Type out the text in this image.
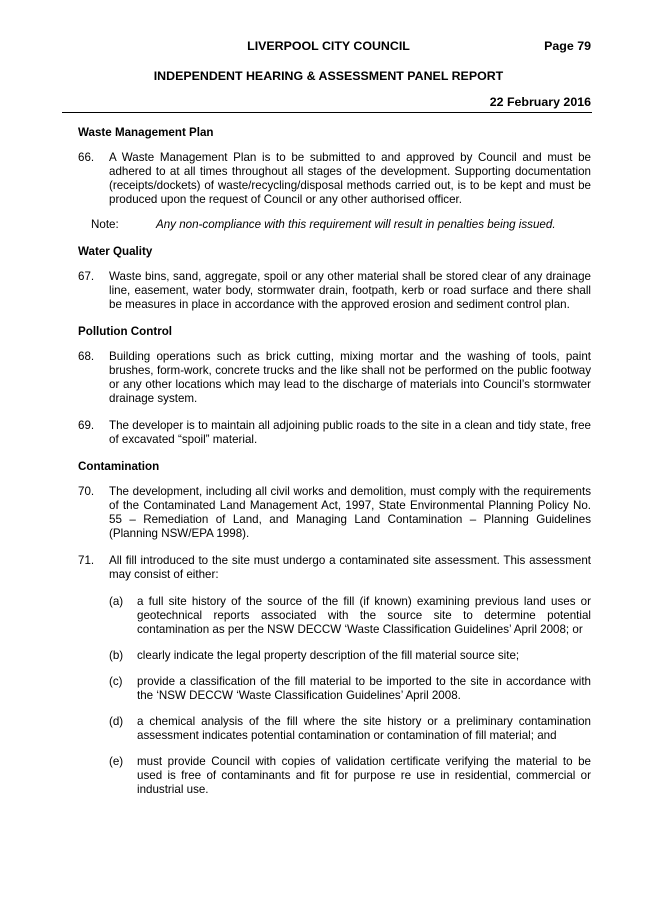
LIVERPOOL CITY COUNCIL	Page 79
INDEPENDENT HEARING & ASSESSMENT PANEL REPORT
22 February 2016
Waste Management Plan
66.	A Waste Management Plan is to be submitted to and approved by Council and must be adhered to at all times throughout all stages of the development. Supporting documentation (receipts/dockets) of waste/recycling/disposal methods carried out, is to be kept and must be produced upon the request of Council or any other authorised officer.
Note:	Any non-compliance with this requirement will result in penalties being issued.
Water Quality
67.	Waste bins, sand, aggregate, spoil or any other material shall be stored clear of any drainage line, easement, water body, stormwater drain, footpath, kerb or road surface and there shall be measures in place in accordance with the approved erosion and sediment control plan.
Pollution Control
68.	Building operations such as brick cutting, mixing mortar and the washing of tools, paint brushes, form-work, concrete trucks and the like shall not be performed on the public footway or any other locations which may lead to the discharge of materials into Council’s stormwater drainage system.
69.	The developer is to maintain all adjoining public roads to the site in a clean and tidy state, free of excavated “spoil” material.
Contamination
70.	The development, including all civil works and demolition, must comply with the requirements of the Contaminated Land Management Act, 1997, State Environmental Planning Policy No. 55 – Remediation of Land, and Managing Land Contamination – Planning Guidelines (Planning NSW/EPA 1998).
71.	All fill introduced to the site must undergo a contaminated site assessment. This assessment may consist of either:
(a)	a full site history of the source of the fill (if known) examining previous land uses or geotechnical reports associated with the source site to determine potential contamination as per the NSW DECCW ‘Waste Classification Guidelines’ April 2008; or
(b)	clearly indicate the legal property description of the fill material source site;
(c)	provide a classification of the fill material to be imported to the site in accordance with the ‘NSW DECCW ‘Waste Classification Guidelines’ April 2008.
(d)	a chemical analysis of the fill where the site history or a preliminary contamination assessment indicates potential contamination or contamination of fill material; and
(e)	must provide Council with copies of validation certificate verifying the material to be used is free of contaminants and fit for purpose re use in residential, commercial or industrial use.
